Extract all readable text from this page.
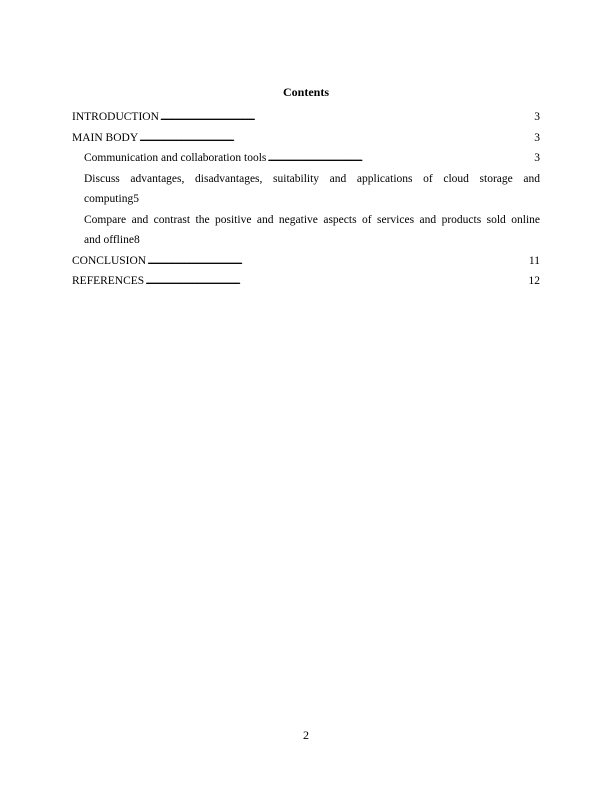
Contents
INTRODUCTION . . .	3
MAIN BODY . . .	3
Communication and collaboration tools . . .	3
Discuss advantages, disadvantages, suitability and applications of cloud storage and
computing 5
Compare and contrast the positive and negative aspects of services and products sold online
and offline 8
CONCLUSION . . .	11
REFERENCES . . .	12
2
